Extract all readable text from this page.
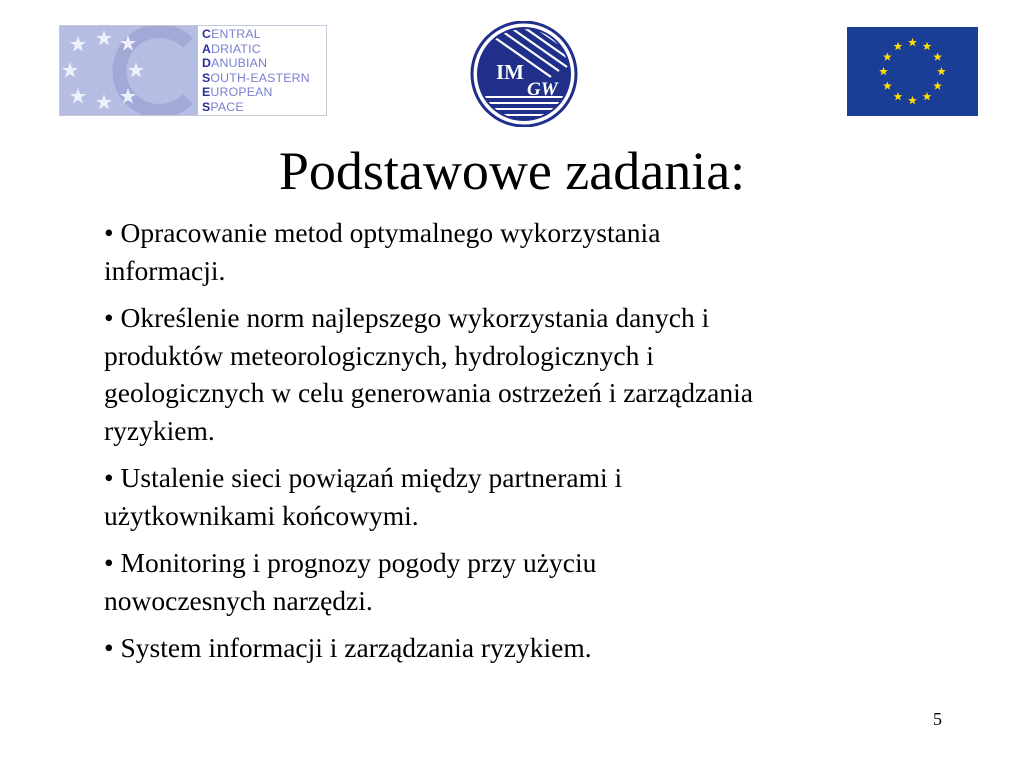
CENTRAL
ADRIATIC
DANUBIAN
SOUTH-EASTERN
EUROPEAN
SPACE
IM
GW
Podstawowe zadania:
• Opracowanie metod optymalnego wykorzystania
informacji.
• Określenie norm najlepszego wykorzystania danych i
produktów meteorologicznych, hydrologicznych i
geologicznych w celu generowania ostrzeżeń i zarządzania
ryzykiem.
• Ustalenie sieci powiązań między partnerami i
użytkownikami końcowymi.
• Monitoring i prognozy pogody przy użyciu
nowoczesnych narzędzi.
• System informacji i zarządzania ryzykiem.
5
